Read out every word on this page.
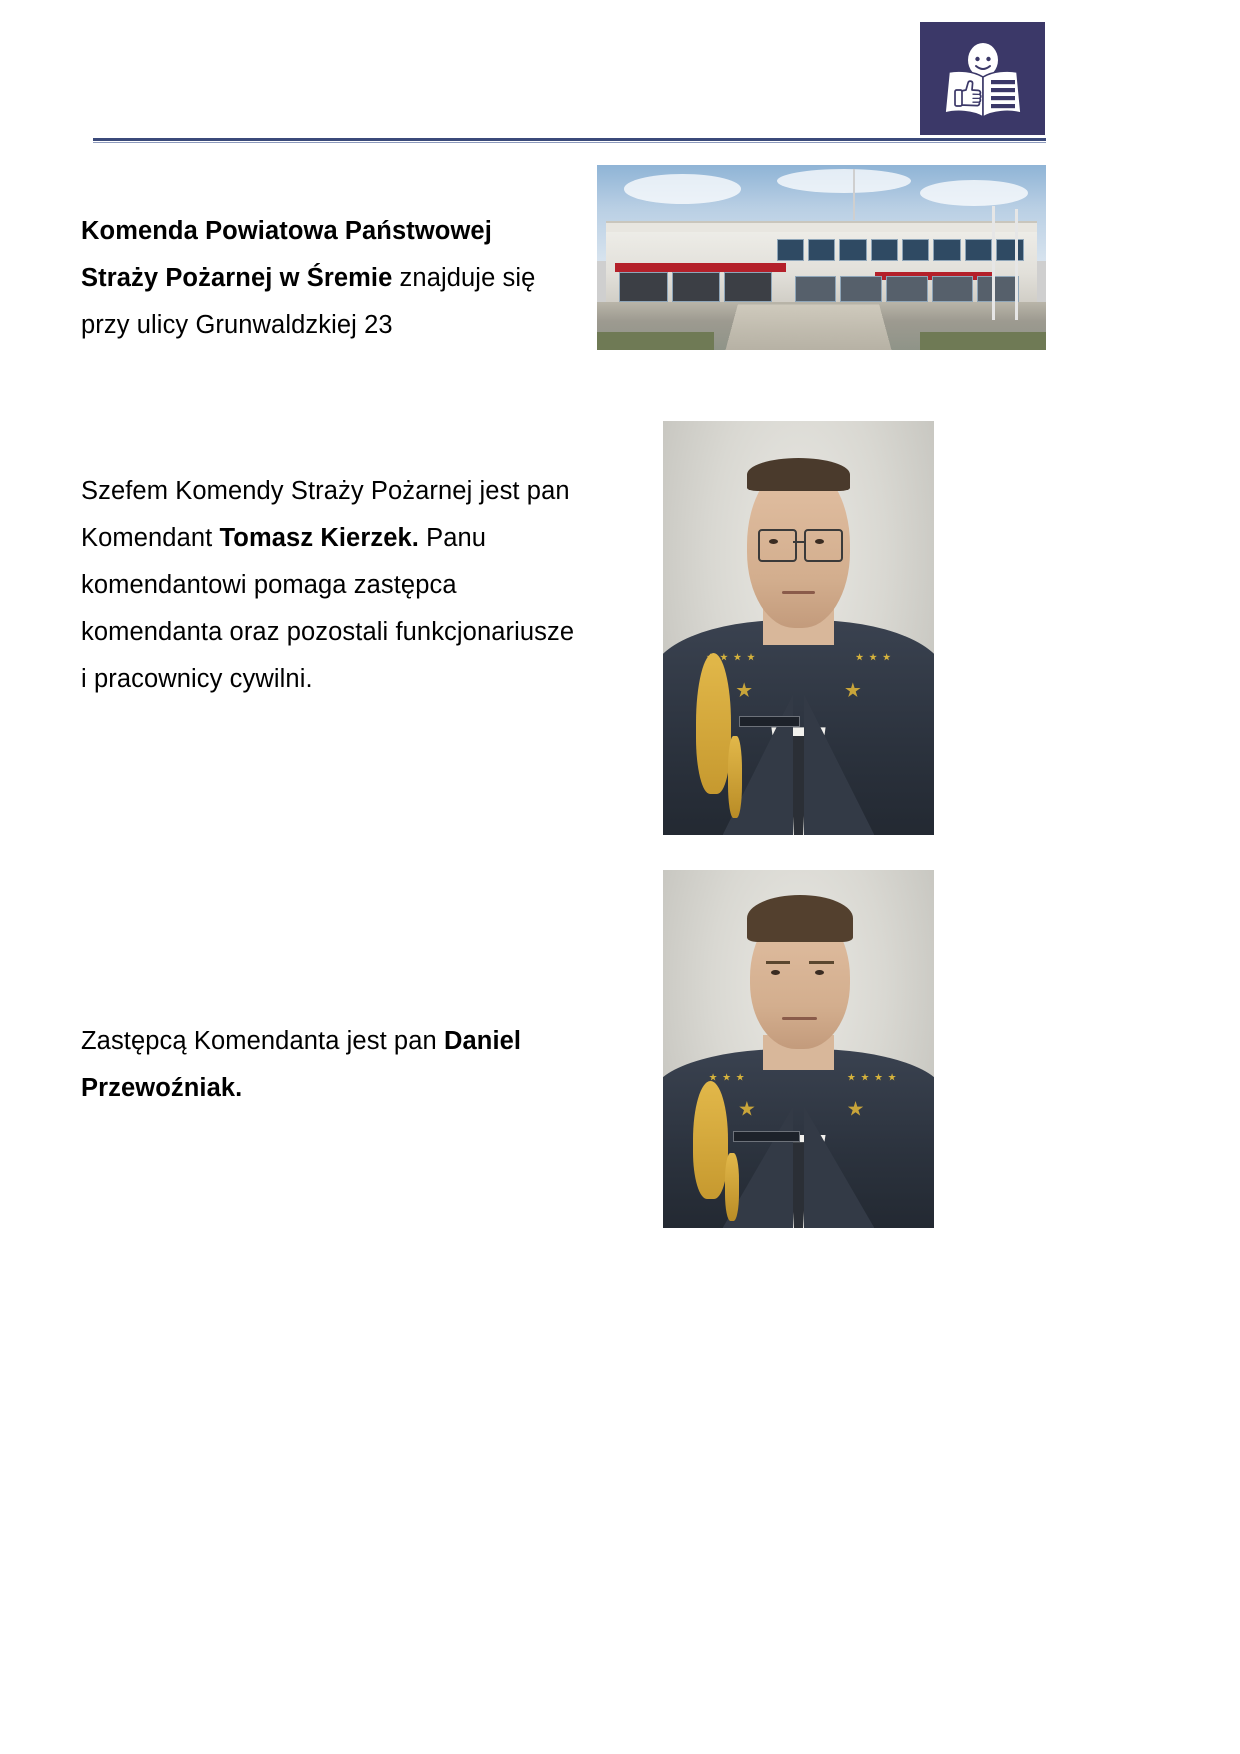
Komenda Powiatowa Państwowej Straży Pożarnej w Śremie znajduje się przy ulicy Grunwaldzkiej 23
Szefem Komendy Straży Pożarnej jest pan Komendant Tomasz Kierzek. Panu komendantowi pomaga zastępca komendanta oraz pozostali funkcjonariusze i pracownicy cywilni.
Zastępcą Komendanta jest pan Daniel Przewoźniak.
